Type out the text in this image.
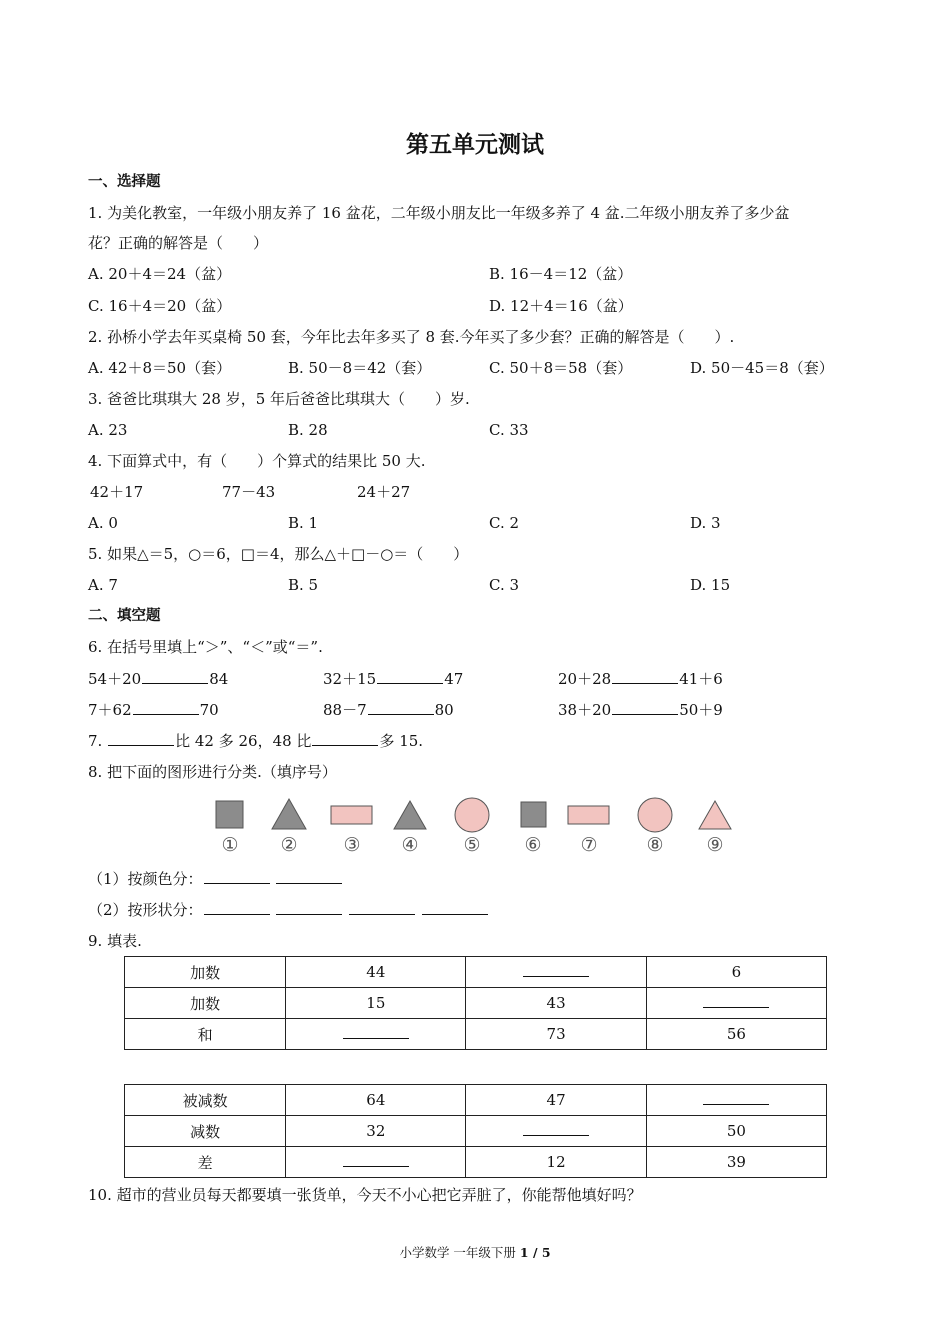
第五单元测试
一、选择题
1. 为美化教室，一年级小朋友养了 16 盆花，二年级小朋友比一年级多养了 4 盆.二年级小朋友养了多少盆
花？正确的解答是（　　）
A. 20＋4＝24（盆）	B. 16－4＝12（盆）
C. 16＋4＝20（盆）	D. 12＋4＝16（盆）
2. 孙桥小学去年买桌椅 50 套，今年比去年多买了 8 套.今年买了多少套？正确的解答是（　　）.
A. 42＋8＝50（套）	B. 50－8＝42（套）	C. 50＋8＝58（套）	D. 50－45＝8（套）
3. 爸爸比琪琪大 28 岁，5 年后爸爸比琪琪大（　　）岁.
A. 23	B. 28	C. 33
4. 下面算式中，有（　　）个算式的结果比 50 大.
42＋17	77－43	24＋27
A. 0	B. 1	C. 2	D. 3
5. 如果△＝5，○＝6，□＝4，那么△＋□－○＝（　　）
A. 7	B. 5	C. 3	D. 15
二、填空题
6. 在括号里填上“＞”、“＜”或“＝”.
54＋20	84	32＋15	47	20＋28	41＋6
7＋62	70	88－7	80	38＋20	50＋9
7.	比 42 多 26，48 比	多 15.
8. 把下面的图形进行分类.（填序号）
①	②	③	④	⑤	⑥	⑦	⑧	⑨
（1）按颜色分：
（2）按形状分：
9. 填表.
加数	44		6
加数	15	43	
和		73	56
被减数	64	47	
减数	32		50
差		12	39
10. 超市的营业员每天都要填一张货单，今天不小心把它弄脏了，你能帮他填好吗？
小学数学 一年级下册 1 / 5
